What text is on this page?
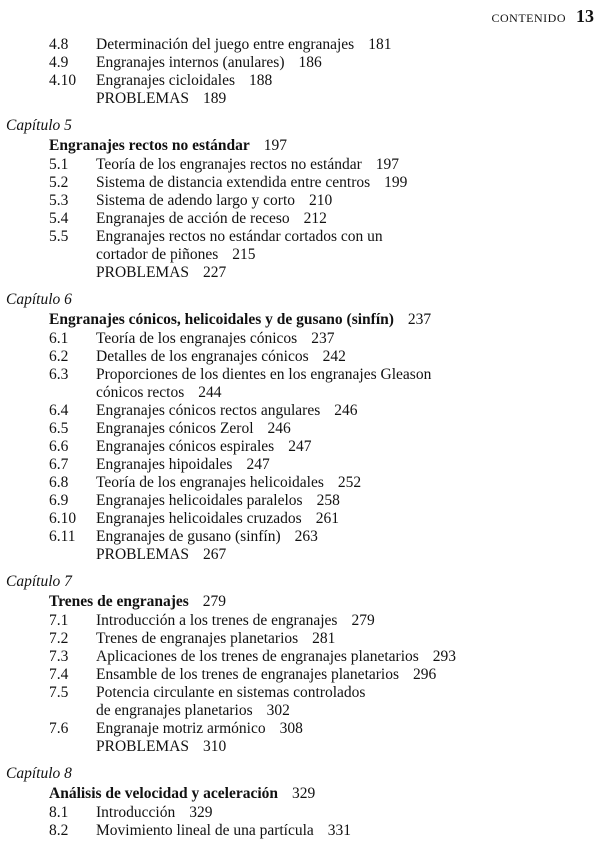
CONTENIDO 13
4.8 Determinación del juego entre engranajes 181
4.9 Engranajes internos (anulares) 186
4.10 Engranajes cicloidales 188
PROBLEMAS 189
Capítulo 5
Engranajes rectos no estándar 197
5.1 Teoría de los engranajes rectos no estándar 197
5.2 Sistema de distancia extendida entre centros 199
5.3 Sistema de adendo largo y corto 210
5.4 Engranajes de acción de receso 212
5.5 Engranajes rectos no estándar cortados con un
cortador de piñones 215
PROBLEMAS 227
Capítulo 6
Engranajes cónicos, helicoidales y de gusano (sinfín) 237
6.1 Teoría de los engranajes cónicos 237
6.2 Detalles de los engranajes cónicos 242
6.3 Proporciones de los dientes en los engranajes Gleason
cónicos rectos 244
6.4 Engranajes cónicos rectos angulares 246
6.5 Engranajes cónicos Zerol 246
6.6 Engranajes cónicos espirales 247
6.7 Engranajes hipoidales 247
6.8 Teoría de los engranajes helicoidales 252
6.9 Engranajes helicoidales paralelos 258
6.10 Engranajes helicoidales cruzados 261
6.11 Engranajes de gusano (sinfín) 263
PROBLEMAS 267
Capítulo 7
Trenes de engranajes 279
7.1 Introducción a los trenes de engranajes 279
7.2 Trenes de engranajes planetarios 281
7.3 Aplicaciones de los trenes de engranajes planetarios 293
7.4 Ensamble de los trenes de engranajes planetarios 296
7.5 Potencia circulante en sistemas controlados
de engranajes planetarios 302
7.6 Engranaje motriz armónico 308
PROBLEMAS 310
Capítulo 8
Análisis de velocidad y aceleración 329
8.1 Introducción 329
8.2 Movimiento lineal de una partícula 331
